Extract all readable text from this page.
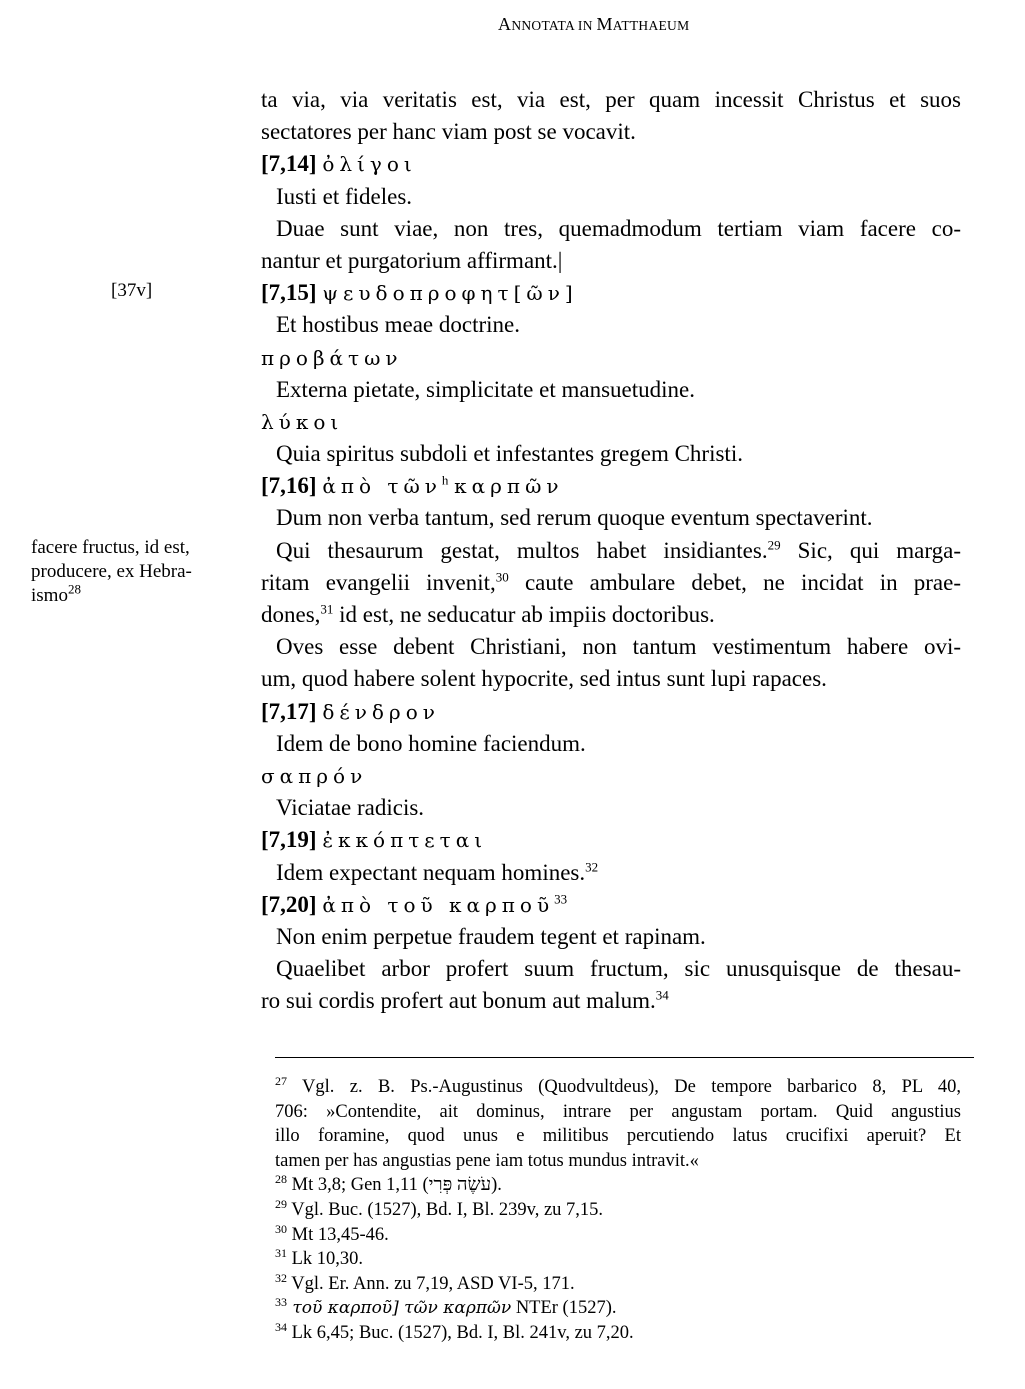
ANNOTATA IN MATTHAEUM
[37v]
facere fructus, id est,
producere, ex Hebra-
ismo$^{28}$
ta via, via veritatis est, via est, per quam incessit Christus et suos
sectatores per hanc viam post se vocavit.
[7,14] ὀλίγοι
Iusti et fideles.
Duae sunt viae, non tres, quemadmodum tertiam viam facere co-
nantur et purgatorium affirmant.|
[7,15] ψευδοπροφητ[ῶν]
Et hostibus meae doctrine.
προβάτων
Externa pietate, simplicitate et mansuetudine.
λύκοι
Quia spiritus subdoli et infestantes gregem Christi.
[7,16] ἀπὸ τῶν$^h$ καρπῶν
Dum non verba tantum, sed rerum quoque eventum spectaverint.
Qui thesaurum gestat, multos habet insidiantes.$^{29}$ Sic, qui marga-
ritam evangelii invenit,$^{30}$ caute ambulare debet, ne incidat in prae-
dones,$^{31}$ id est, ne seducatur ab impiis doctoribus.
Oves esse debent Christiani, non tantum vestimentum habere ovi-
um, quod habere solent hypocrite, sed intus sunt lupi rapaces.
[7,17] δένδρον
Idem de bono homine faciendum.
σαπρόν
Viciatae radicis.
[7,19] ἐκκόπτεται
Idem expectant nequam homines.$^{32}$
[7,20] ἀπὸ τοῦ καρποῦ$^{33}$
Non enim perpetue fraudem tegent et rapinam.
Quaelibet arbor profert suum fructum, sic unusquisque de thesau-
ro sui cordis profert aut bonum aut malum.$^{34}$
$^{27}$ Vgl. z. B. Ps.-Augustinus (Quodvultdeus), De tempore barbarico 8, PL 40,
706: »Contendite, ait dominus, intrare per angustam portam. Quid angustius
illo foramine, quod unus e militibus percutiendo latus crucifixi aperuit? Et
tamen per has angustias pene iam totus mundus intravit.«
$^{28}$ Mt 3,8; Gen 1,11 (עֹשֶׂה פְּרִי).
$^{29}$ Vgl. Buc. (1527), Bd. I, Bl. 239v, zu 7,15.
$^{30}$ Mt 13,45-46.
$^{31}$ Lk 10,30.
$^{32}$ Vgl. Er. Ann. zu 7,19, ASD VI-5, 171.
$^{33}$ τοῦ καρποῦ] τῶν καρπῶν NTEr (1527).
$^{34}$ Lk 6,45; Buc. (1527), Bd. I, Bl. 241v, zu 7,20.
